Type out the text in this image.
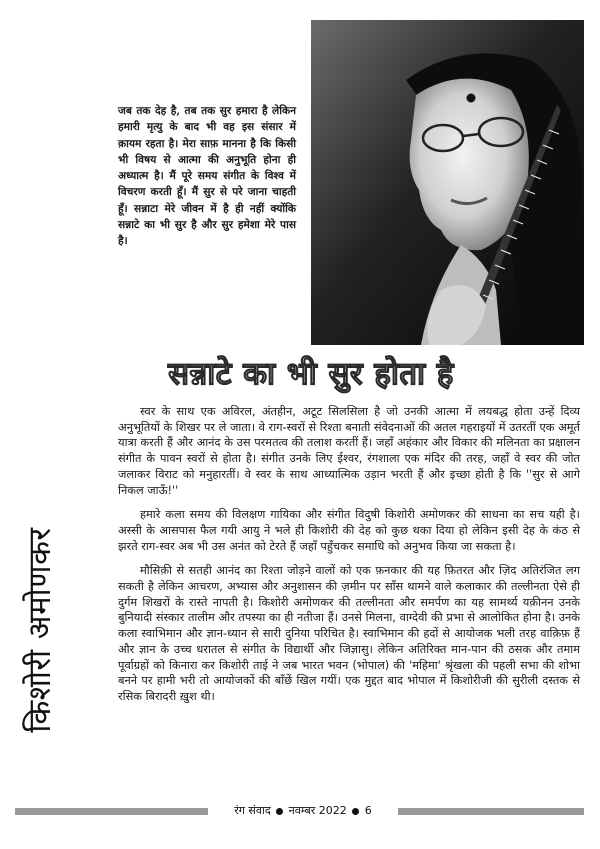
जब तक देह है, तब तक सुर हमारा है लेकिन हमारी मृत्यु के बाद भी वह इस संसार में क़ायम रहता है। मेरा साफ़ मानना है कि किसी भी विषय से आत्मा की अनुभूति होना ही अध्यात्म है। मैं पूरे समय संगीत के विश्व में विचरण करती हूँ। मैं सुर से परे जाना चाहती हूँ। सन्नाटा मेरे जीवन में है ही नहीं क्योंकि सन्नाटे का भी सुर है और सुर हमेशा मेरे पास है।
सन्नाटे का भी सुर होता है
किशोरी अमोणकर

स्वर के साथ एक अविरल, अंतहीन, अटूट सिलसिला है जो उनकी आत्मा में लयबद्ध होता उन्हें दिव्य अनुभूतियों के शिखर पर ले जाता। वे राग-स्वरों से रिश्ता बनाती संवेदनाओं की अतल गहराइयों में उतरतीं एक अमूर्त यात्रा करती हैं और आनंद के उस परमतत्व की तलाश करतीं हैं। जहाँ अहंकार और विकार की मलिनता का प्रक्षालन संगीत के पावन स्वरों से होता है। संगीत उनके लिए ईश्वर, रंगशाला एक मंदिर की तरह, जहाँ वे स्वर की जोत जलाकर विराट को मनुहारतीं। वे स्वर के साथ आध्यात्मिक उड़ान भरती हैं और इच्छा होती है कि ''सुर से आगे निकल जाऊँ!''

हमारे कला समय की विलक्षण गायिका और संगीत विदुषी किशोरी अमोणकर की साधना का सच यही है। अस्सी के आसपास फैल गयी आयु ने भले ही किशोरी की देह को कुछ थका दिया हो लेकिन इसी देह के कंठ से झरते राग-स्वर अब भी उस अनंत को टेरते हैं जहाँ पहुँचकर समाधि को अनुभव किया जा सकता है।

मौसिक़ी से सतही आनंद का रिश्ता जोड़ने वालों को एक फ़नकार की यह फ़ितरत और ज़िद अतिरंजित लग सकती है लेकिन आचरण, अभ्यास और अनुशासन की ज़मीन पर साँस थामने वाले कलाकार की तल्लीनता ऐसे ही दुर्गम शिखरों के रास्ते नापती है। किशोरी अमोणकर की तल्लीनता और समर्पण का यह सामर्थ्य यक़ीनन उनके बुनियादी संस्कार तालीम और तपस्या का ही नतीजा हैं। उनसे मिलना, वाग्देवी की प्रभा से आलोकित होना है। उनके कला स्वाभिमान और ज्ञान-ध्यान से सारी दुनिया परिचित है। स्वाभिमान की हदों से आयोजक भली तरह वाक़िफ़ हैं और ज्ञान के उच्च धरातल से संगीत के विद्यार्थी और जिज्ञासु। लेकिन अतिरिक्त मान-पान की ठसक और तमाम पूर्वाग्रहों को किनारा कर किशोरी ताई ने जब भारत भवन (भोपाल) की 'महिमा' श्रृंखला की पहली सभा की शोभा बनने पर हामी भरी तो आयोजकों की बाँछें खिल गयीं। एक मुद्दत बाद भोपाल में किशोरीजी की सुरीली दस्तक से रसिक बिरादरी ख़ुश थी।

रंग संवाद नवम्बर 2022 6
